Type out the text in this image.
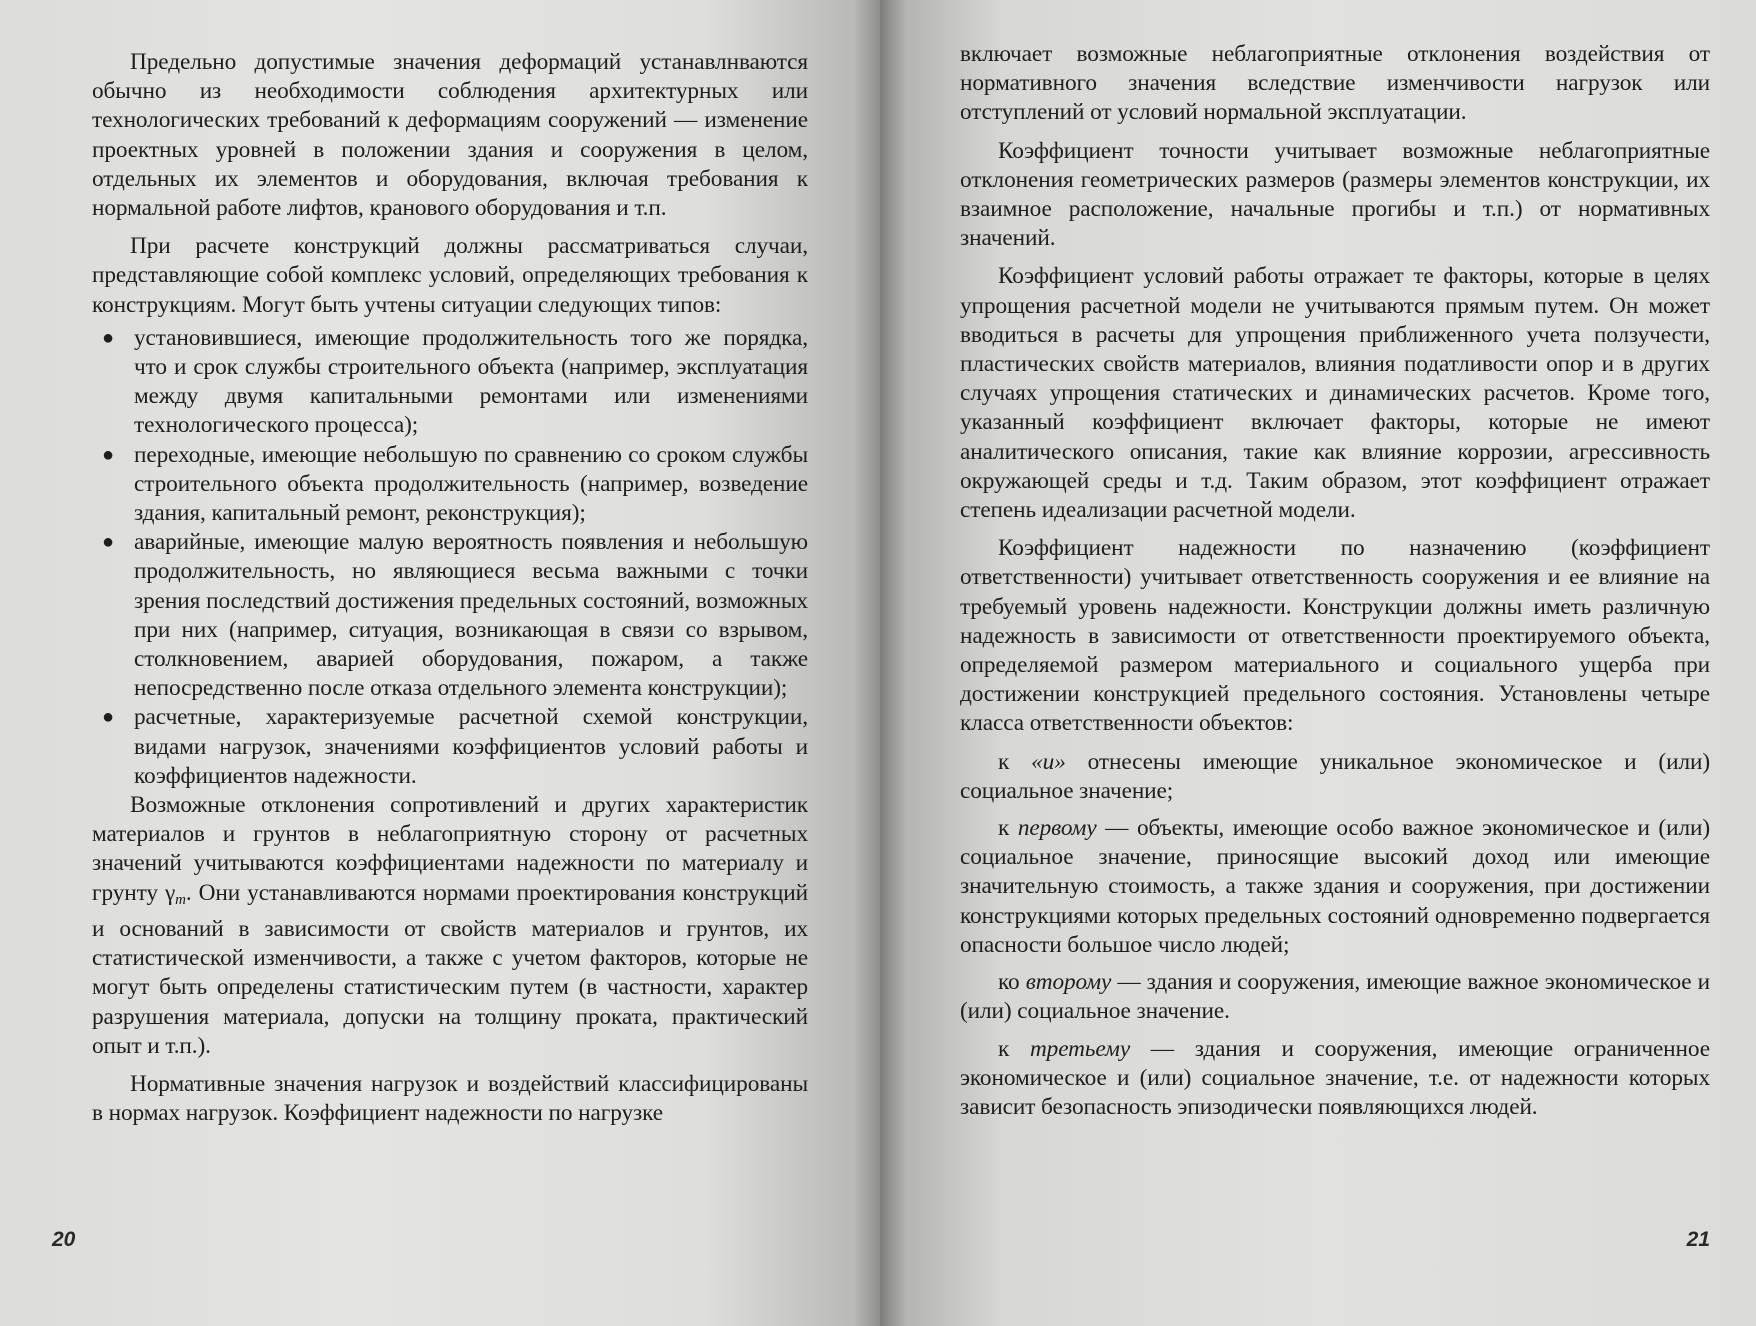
Предельно допустимые значения деформаций устанавлнваются обычно из необходимости соблюдения архитектурных или технологических требований к деформациям сооружений — изменение проектных уровней в положении здания и сооружения в целом, отдельных их элементов и оборудования, включая требования к нормальной работе лифтов, кранового оборудования и т.п.

При расчете конструкций должны рассматриваться случаи, представляющие собой комплекс условий, определяющих требования к конструкциям. Могут быть учтены ситуации следующих типов:

● установившиеся, имеющие продолжительность того же порядка, что и срок службы строительного объекта (например, эксплуатация между двумя капитальными ремонтами или изменениями технологического процесса);
● переходные, имеющие небольшую по сравнению со сроком службы строительного объекта продолжительность (например, возведение здания, капитальный ремонт, реконструкция);
● аварийные, имеющие малую вероятность появления и небольшую продолжительность, но являющиеся весьма важными с точки зрения последствий достижения предельных состояний, возможных при них (например, ситуация, возникающая в связи со взрывом, столкновением, аварией оборудования, пожаром, а также непосредственно после отказа отдельного элемента конструкции);
● расчетные, характеризуемые расчетной схемой конструкции, видами нагрузок, значениями коэффициентов условий работы и коэффициентов надежности.

Возможные отклонения сопротивлений и других характеристик материалов и грунтов в неблагоприятную сторону от расчетных значений учитываются коэффициентами надежности по материалу и грунту $\gamma_m$. Они устанавливаются нормами проектирования конструкций и оснований в зависимости от свойств материалов и грунтов, их статистической изменчивости, а также с учетом факторов, которые не могут быть определены статистическим путем (в частности, характер разрушения материала, допуски на толщину проката, практический опыт и т.п.).

Нормативные значения нагрузок и воздействий классифицированы в нормах нагрузок. Коэффициент надежности по нагрузке

20

включает возможные неблагоприятные отклонения воздействия от нормативного значения вследствие изменчивости нагрузок или отступлений от условий нормальной эксплуатации.

Коэффициент точности учитывает возможные неблагоприятные отклонения геометрических размеров (размеры элементов конструкции, их взаимное расположение, начальные прогибы и т.п.) от нормативных значений.

Коэффициент условий работы отражает те факторы, которые в целях упрощения расчетной модели не учитываются прямым путем. Он может вводиться в расчеты для упрощения приближенного учета ползучести, пластических свойств материалов, влияния податливости опор и в других случаях упрощения статических и динамических расчетов. Кроме того, указанный коэффициент включает факторы, которые не имеют аналитического описания, такие как влияние коррозии, агрессивность окружающей среды и т.д. Таким образом, этот коэффициент отражает степень идеализации расчетной модели.

Коэффициент надежности по назначению (коэффициент ответственности) учитывает ответственность сооружения и ее влияние на требуемый уровень надежности. Конструкции должны иметь различную надежность в зависимости от ответственности проектируемого объекта, определяемой размером материального и социального ущерба при достижении конструкцией предельного состояния. Установлены четыре класса ответственности объектов:

к «и» отнесены имеющие уникальное экономическое и (или) социальное значение;

к первому — объекты, имеющие особо важное экономическое и (или) социальное значение, приносящие высокий доход или имеющие значительную стоимость, а также здания и сооружения, при достижении конструкциями которых предельных состояний одновременно подвергается опасности большое число людей;

ко второму — здания и сооружения, имеющие важное экономическое и (или) социальное значение.

к третьему — здания и сооружения, имеющие ограниченное экономическое и (или) социальное значение, т.е. от надежности которых зависит безопасность эпизодически появляющихся людей.

21
